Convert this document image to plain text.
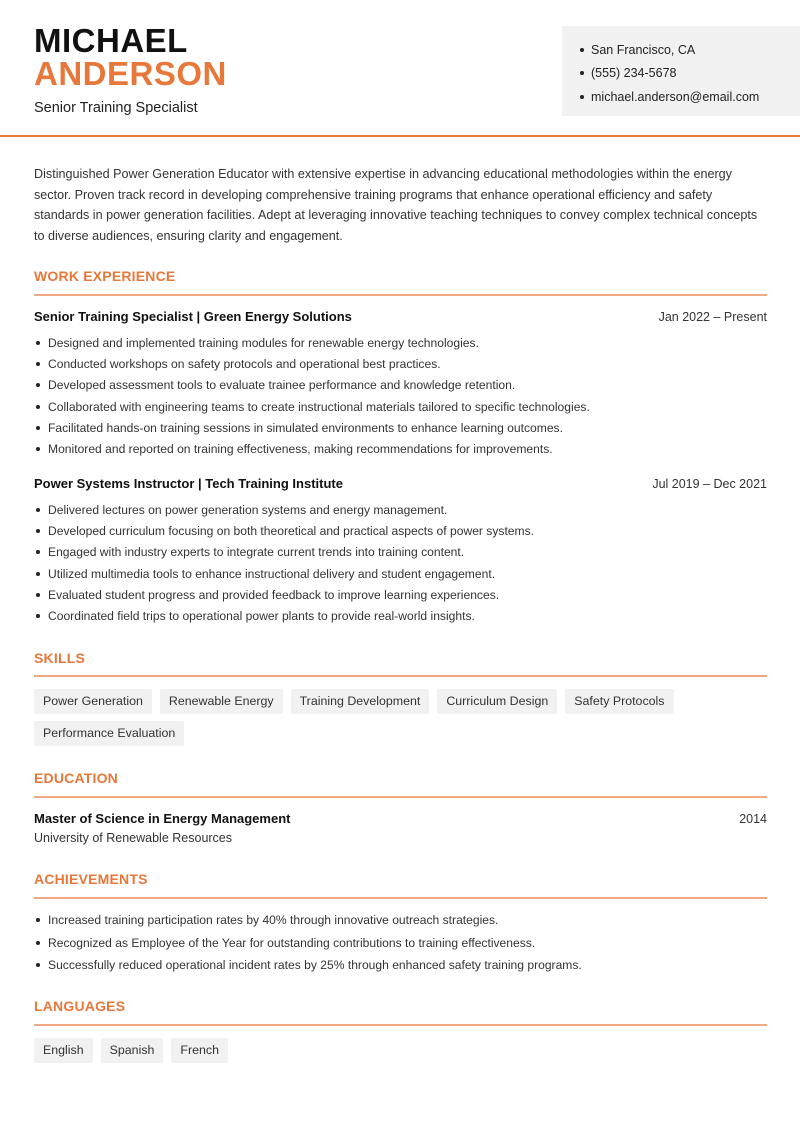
MICHAEL
ANDERSON
Senior Training Specialist
San Francisco, CA
(555) 234-5678
michael.anderson@email.com
Distinguished Power Generation Educator with extensive expertise in advancing educational methodologies within the energy sector. Proven track record in developing comprehensive training programs that enhance operational efficiency and safety standards in power generation facilities. Adept at leveraging innovative teaching techniques to convey complex technical concepts to diverse audiences, ensuring clarity and engagement.
WORK EXPERIENCE
Senior Training Specialist | Green Energy Solutions	Jan 2022 – Present
Designed and implemented training modules for renewable energy technologies.
Conducted workshops on safety protocols and operational best practices.
Developed assessment tools to evaluate trainee performance and knowledge retention.
Collaborated with engineering teams to create instructional materials tailored to specific technologies.
Facilitated hands-on training sessions in simulated environments to enhance learning outcomes.
Monitored and reported on training effectiveness, making recommendations for improvements.
Power Systems Instructor | Tech Training Institute	Jul 2019 – Dec 2021
Delivered lectures on power generation systems and energy management.
Developed curriculum focusing on both theoretical and practical aspects of power systems.
Engaged with industry experts to integrate current trends into training content.
Utilized multimedia tools to enhance instructional delivery and student engagement.
Evaluated student progress and provided feedback to improve learning experiences.
Coordinated field trips to operational power plants to provide real-world insights.
SKILLS
Power Generation	Renewable Energy	Training Development	Curriculum Design	Safety Protocols
Performance Evaluation
EDUCATION
Master of Science in Energy Management	2014
University of Renewable Resources
ACHIEVEMENTS
Increased training participation rates by 40% through innovative outreach strategies.
Recognized as Employee of the Year for outstanding contributions to training effectiveness.
Successfully reduced operational incident rates by 25% through enhanced safety training programs.
LANGUAGES
English	Spanish	French
